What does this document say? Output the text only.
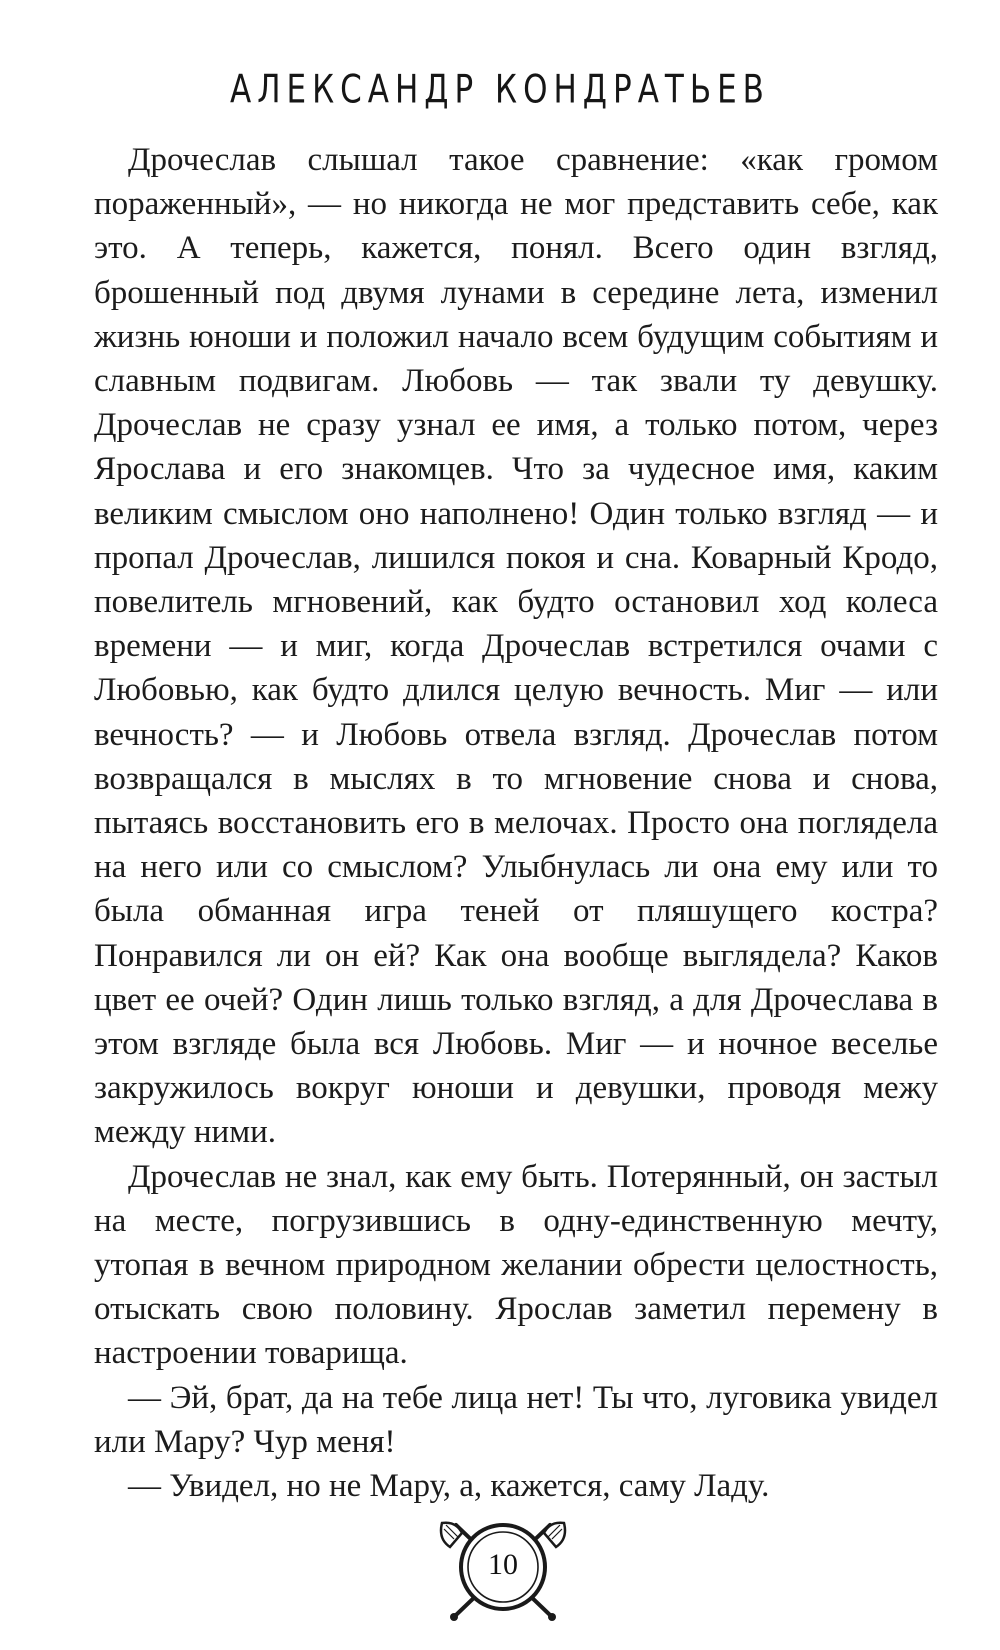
АЛЕКСАНДР КОНДРАТЬЕВ

Дрочеслав слышал такое сравнение: «как громом пораженный», — но никогда не мог представить себе, как это. А теперь, кажется, понял. Всего один взгляд, брошенный под двумя лунами в середине лета, изменил жизнь юноши и положил начало всем будущим событиям и славным подвигам. Любовь — так звали ту девушку. Дрочеслав не сразу узнал ее имя, а только потом, через Ярослава и его знакомцев. Что за чудесное имя, каким великим смыслом оно наполнено! Один только взгляд — и пропал Дрочеслав, лишился покоя и сна. Коварный Кродо, повелитель мгновений, как будто остановил ход колеса времени — и миг, когда Дрочеслав встретился очами с Любовью, как будто длился целую вечность. Миг — или вечность? — и Любовь отвела взгляд. Дрочеслав потом возвращался в мыслях в то мгновение снова и снова, пытаясь восстановить его в мелочах. Просто она поглядела на него или со смыслом? Улыбнулась ли она ему или то была обманная игра теней от пляшущего костра? Понравился ли он ей? Как она вообще выглядела? Каков цвет ее очей? Один лишь только взгляд, а для Дрочеслава в этом взгляде была вся Любовь. Миг — и ночное веселье закружилось вокруг юноши и девушки, проводя межу между ними.

Дрочеслав не знал, как ему быть. Потерянный, он застыл на месте, погрузившись в одну-единственную мечту, утопая в вечном природном желании обрести целостность, отыскать свою половину. Ярослав заметил перемену в настроении товарища.

— Эй, брат, да на тебе лица нет! Ты что, луговика увидел или Мару? Чур меня!

— Увидел, но не Мару, а, кажется, саму Ладу.

10
